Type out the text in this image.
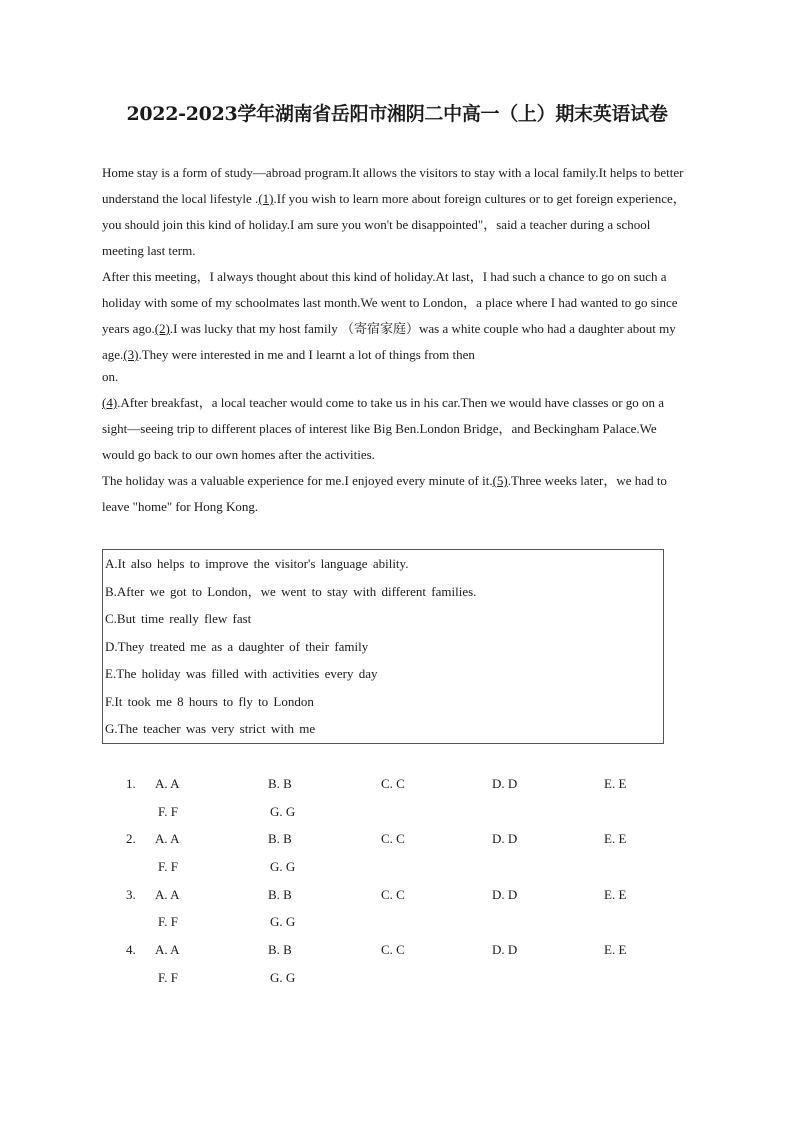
2022-2023学年湖南省岳阳市湘阴二中高一（上）期末英语试卷

Home stay is a form of study—abroad program.It allows the visitors to stay with a local family.It helps to better understand the local lifestyle .(1).If you wish to learn more about foreign cultures or to get foreign experience，you should join this kind of holiday.I am sure you won't be disappointed"，said a teacher during a school meeting last term.

After this meeting，I always thought about this kind of holiday.At last，I had such a chance to go on such a holiday with some of my schoolmates last month.We went to London，a place where I had wanted to go since years ago.(2).I was lucky that my host family （寄宿家庭）was a white couple who had a daughter about my age.(3).They were interested in me and I learnt a lot of things from then

on.

(4).After breakfast，a local teacher would come to take us in his car.Then we would have classes or go on a sight—seeing trip to different places of interest like Big Ben.London Bridge，and Beckingham Palace.We would go back to our own homes after the activities.

The holiday was a valuable experience for me.I enjoyed every minute of it.(5).Three weeks later，we had to leave "home" for Hong Kong.

A.It also helps to improve the visitor's language ability.

B.After we got to London，we went to stay with different families.

C.But time really flew fast

D.They treated me as a daughter of their family

E.The holiday was filled with activities every day

F.It took me 8 hours to fly to London

G.The teacher was very strict with me

1. A. A	B. B	C. C	D. D	E. E
F. F	G. G
2. A. A	B. B	C. C	D. D	E. E
F. F	G. G
3. A. A	B. B	C. C	D. D	E. E
F. F	G. G
4. A. A	B. B	C. C	D. D	E. E
F. F	G. G
